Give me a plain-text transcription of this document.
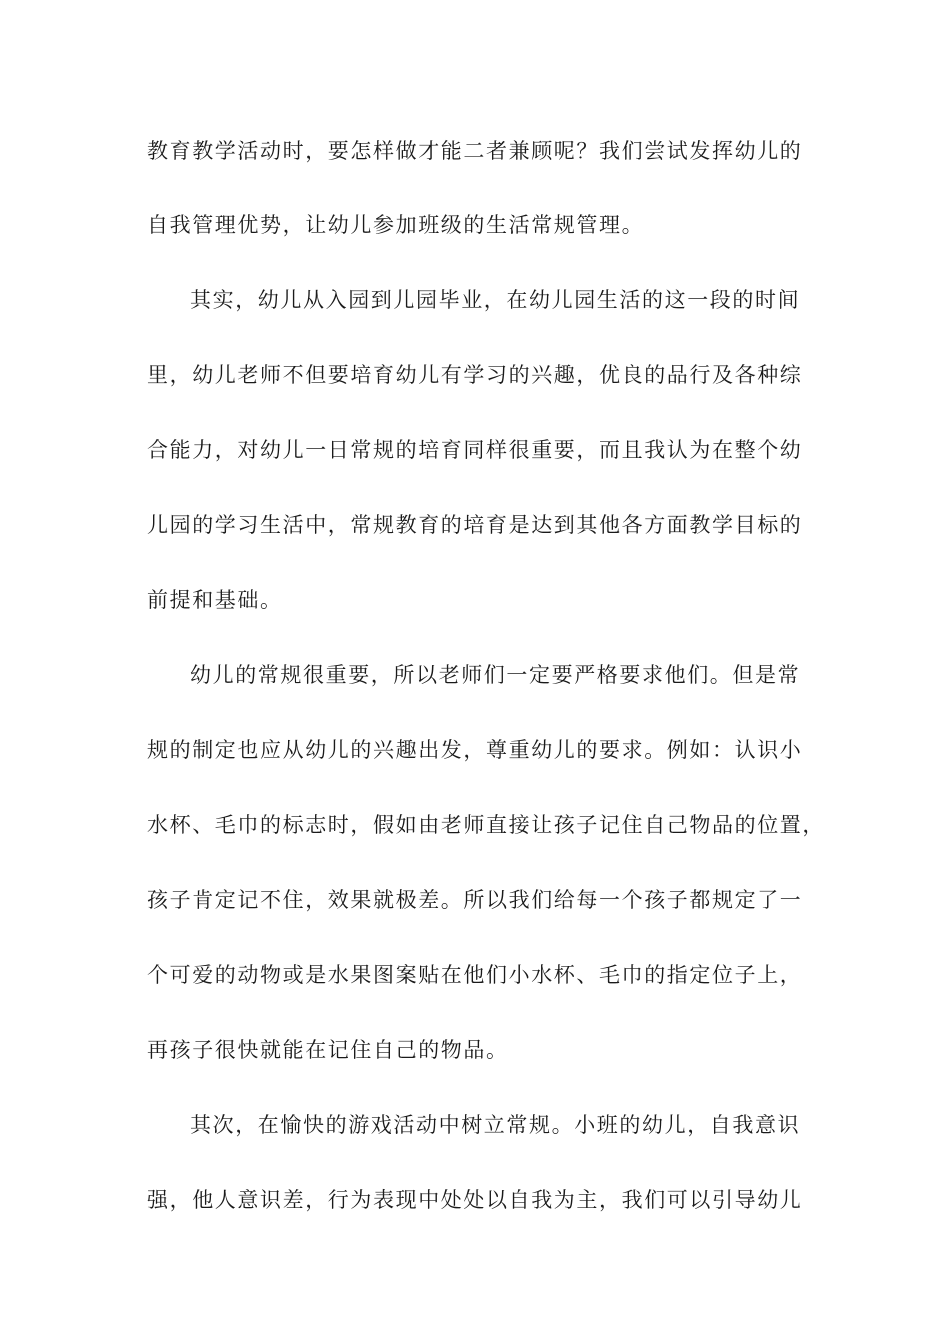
教育教学活动时，要怎样做才能二者兼顾呢？我们尝试发挥幼儿的
自我管理优势，让幼儿参加班级的生活常规管理。
其实，幼儿从入园到儿园毕业，在幼儿园生活的这一段的时间
里，幼儿老师不但要培育幼儿有学习的兴趣，优良的品行及各种综
合能力，对幼儿一日常规的培育同样很重要，而且我认为在整个幼
儿园的学习生活中，常规教育的培育是达到其他各方面教学目标的
前提和基础。
幼儿的常规很重要，所以老师们一定要严格要求他们。但是常
规的制定也应从幼儿的兴趣出发，尊重幼儿的要求。例如：认识小
水杯、毛巾的标志时，假如由老师直接让孩子记住自己物品的位置，
孩子肯定记不住，效果就极差。所以我们给每一个孩子都规定了一
个可爱的动物或是水果图案贴在他们小水杯、毛巾的指定位子上，
再孩子很快就能在记住自己的物品。
其次，在愉快的游戏活动中树立常规。小班的幼儿，自我意识
强，他人意识差，行为表现中处处以自我为主，我们可以引导幼儿
